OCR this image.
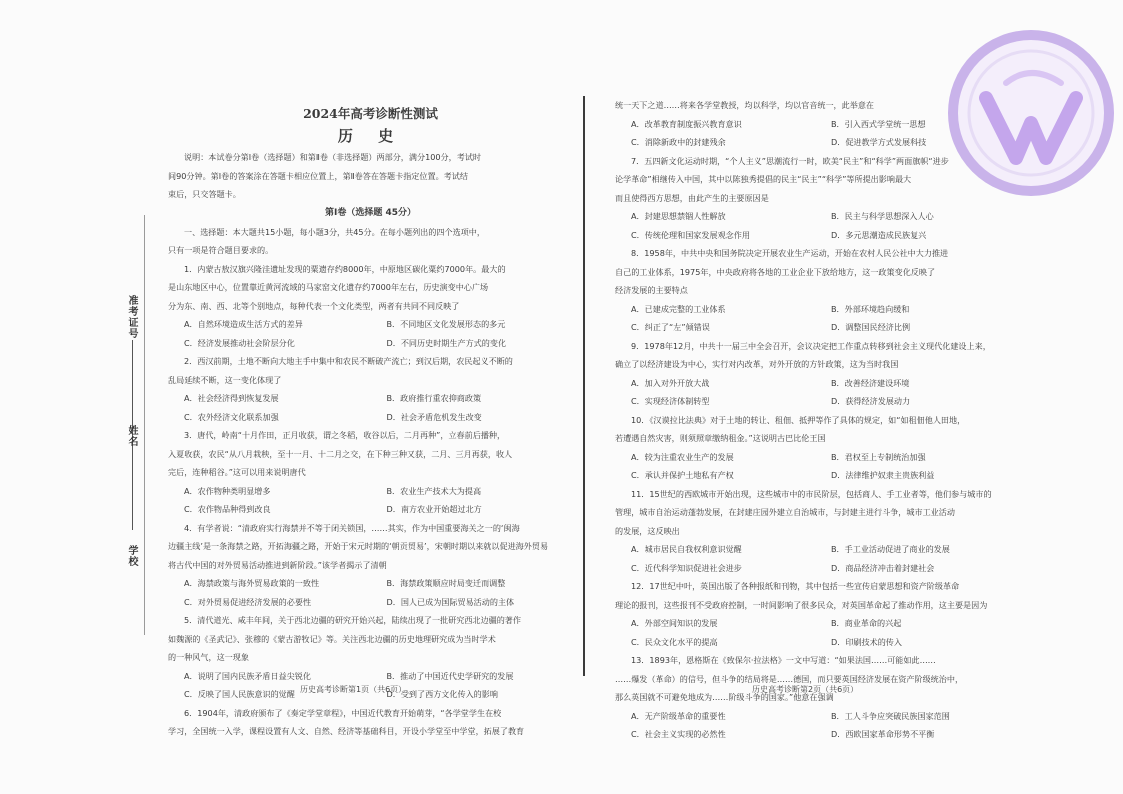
准考证号
姓名
学校
2024年高考诊断性测试
历 史
说明：本试卷分第Ⅰ卷（选择题）和第Ⅱ卷（非选择题）两部分，满分100分，考试时
间90分钟。第Ⅰ卷的答案涂在答题卡相应位置上，第Ⅱ卷答在答题卡指定位置。考试结
束后，只交答题卡。
第Ⅰ卷（选择题 45分）
一、选择题：本大题共15小题，每小题3分，共45分。在每小题列出的四个选项中，
只有一项是符合题目要求的。
1．内蒙古敖汉旗兴隆洼遗址发现的粟遗存约8000年，中原地区碳化粟约7000年。最大的
是山东地区中心，位置靠近黄河流域的马家窑文化遗存约7000年左右，历史演变中心广场
分为东、南、西、北等个别地点，每种代表一个文化类型，两者有共同不同反映了
A．自然环境造成生活方式的差异	B．不同地区文化发展形态的多元
C．经济发展推动社会阶层分化	D．不同历史时期生产方式的变化
2．西汉前期，土地不断向大地主手中集中和农民不断破产流亡；到汉后期，农民起义不断的
乱局延续不断，这一变化体现了
A．社会经济得到恢复发展	B．政府推行重农抑商政策
C．农外经济文化联系加强	D．社会矛盾危机发生改变
3．唐代，岭南“十月作田，正月收获，谓之冬稻，收谷以后，二月再种”，立春前后播种，
入夏收获，农民“从八月栽秧，至十一月、十二月之交，在下种三种又获，二月、三月再获，收人
完后，连种稻谷。”这可以用来说明唐代
A．农作物种类明显增多	B．农业生产技术大为提高
C．农作物品种得到改良	D．南方农业开始超过北方
4．有学者说：“清政府实行海禁并不等于闭关锁国，……其实，作为中国重要海关之一的‘闽海
边疆主线’是一条海禁之路，开拓海疆之路，开始于宋元时期的‘朝贡贸易’，宋朝时期以来就以促进海外贸易
将古代中国的对外贸易活动推进到新阶段。”该学者揭示了清朝
A．海禁政策与海外贸易政策的一致性	B．海禁政策顺应时局变迁而调整
C．对外贸易促进经济发展的必要性	D．国人已成为国际贸易活动的主体
5．清代道光、咸丰年间，关于西北边疆的研究开始兴起，陆续出现了一批研究西北边疆的著作
如魏源的《圣武记》、张穆的《蒙古游牧记》等。关注西北边疆的历史地理研究成为当时学术
的一种风气，这一现象
A．说明了国内民族矛盾日益尖锐化	B．推动了中国近代史学研究的发展
C．反映了国人民族意识的觉醒	D．受到了西方文化传入的影响
6．1904年，清政府颁布了《奏定学堂章程》，中国近代教育开始萌芽，“各学堂学生在校
学习，全国统一入学，课程设置有人文、自然、经济等基础科目，开设小学堂至中学堂，拓展了教育
统一天下之道……将来各学堂教授，均以科学，均以官音统一，此举意在
A．改革教育制度振兴教育意识	B．引入西式学堂统一思想
C．消除新政中的封建残余	D．促进教学方式发展科技
7．五四新文化运动时期，“个人主义”思潮流行一时，欧美“民主”和“科学”两面旗帜“进步
论学革命”相继传入中国，其中以陈独秀提倡的民主“民主”“科学”等所提出影响最大
而且使得西方思想，由此产生的主要原因是
A．封建思想禁锢人性解放	B．民主与科学思想深入人心
C．传统伦理和国家发展观念作用	D．多元思潮造成民族复兴
8．1958年，中共中央和国务院决定开展农业生产运动，开始在农村人民公社中大力推进
自己的工业体系，1975年，中央政府将各地的工业企业下放给地方，这一政策变化反映了
经济发展的主要特点
A．已建成完整的工业体系	B．外部环境趋向缓和
C．纠正了“左”倾错误	D．调整国民经济比例
9．1978年12月，中共十一届三中全会召开，会议决定把工作重点转移到社会主义现代化建设上来，
确立了以经济建设为中心，实行对内改革，对外开放的方针政策，这为当时我国
A．加入对外开放大战	B．改善经济建设环境
C．实现经济体制转型	D．获得经济发展动力
10．《汉谟拉比法典》对于土地的转让、租佃、抵押等作了具体的规定，如“如租佃他人田地，
若遭遇自然灾害，则须照章缴纳租金。”这说明古巴比伦王国
A．较为注重农业生产的发展	B．君权至上专制统治加强
C．承认并保护土地私有产权	D．法律维护奴隶主贵族利益
11．15世纪的西欧城市开始出现，这些城市中的市民阶层，包括商人、手工业者等，他们参与城市的
管理，城市自治运动蓬勃发展，在封建庄园外建立自治城市，与封建主进行斗争，城市工业活动
的发展，这反映出
A．城市居民自我权利意识觉醒	B．手工业活动促进了商业的发展
C．近代科学知识促进社会进步	D．商品经济冲击着封建社会
12．17世纪中叶，英国出版了各种报纸和刊物，其中包括一些宣传启蒙思想和资产阶级革命
理论的报刊，这些报刊不受政府控制，一时间影响了很多民众，对英国革命起了推动作用，这主要是因为
A．外部空间知识的发展	B．商业革命的兴起
C．民众文化水平的提高	D．印刷技术的传入
13．1893年，恩格斯在《致保尔·拉法格》一文中写道：“如果法国……可能如此……
……爆发（革命）的信号，但斗争的结局将是……德国，而只要英国经济发展在资产阶级统治中，
那么英国就不可避免地成为……阶级斗争的国家。”他意在强调
A．无产阶级革命的重要性	B．工人斗争应突破民族国家范围
C．社会主义实现的必然性	D．西欧国家革命形势不平衡
历史高考诊断第1页（共6页）	历史高考诊断第2页（共6页）
